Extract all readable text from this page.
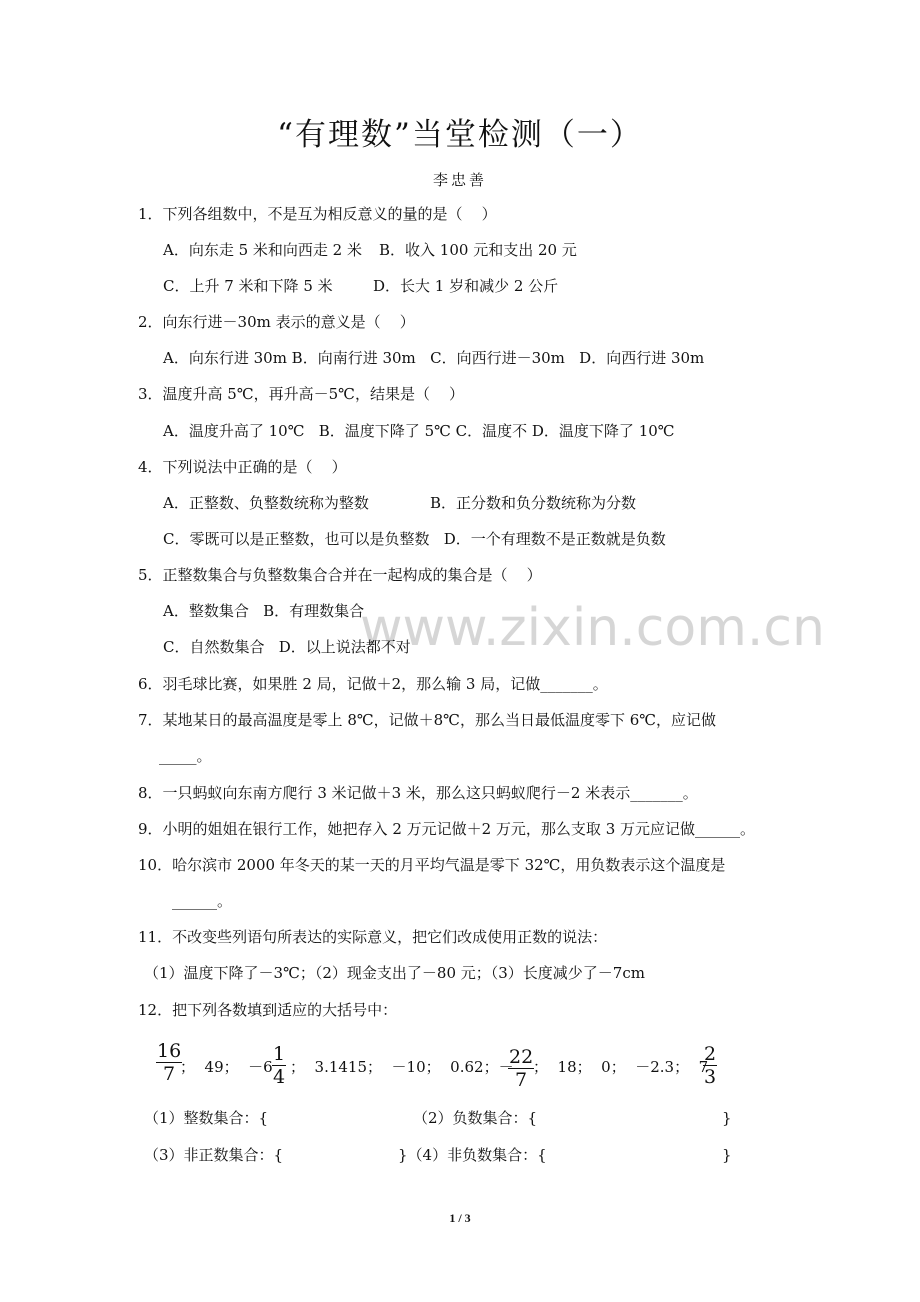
www.zixin.com.cn
“有理数”当堂检测（一）
李忠善
1．下列各组数中，不是互为相反意义的量的是（    ）
A．向东走 5 米和向西走 2 米 B．收入 100 元和支出 20 元
C．上升 7 米和下降 5 米	D．长大 1 岁和减少 2 公斤
2．向东行进－30m 表示的意义是（    ）
A．向东行进 30m B．向南行进 30m   C．向西行进－30m   D．向西行进 30m
3．温度升高 5℃，再升高－5℃，结果是（    ）
A．温度升高了 10℃   B．温度下降了 5℃ C．温度不 D．温度下降了 10℃
4．下列说法中正确的是（    ）
A．正整数、负整数统称为整数	B．正分数和负分数统称为分数
C．零既可以是正整数，也可以是负整数   D．一个有理数不是正数就是负数
5．正整数集合与负整数集合合并在一起构成的集合是（    ）
A．整数集合   B．有理数集合
C．自然数集合   D．以上说法都不对
6．羽毛球比赛，如果胜 2 局，记做＋2，那么输 3 局，记做_______。
7．某地某日的最高温度是零上 8℃，记做＋8℃，那么当日最低温度零下 6℃，应记做
_____。
8．一只蚂蚁向东南方爬行 3 米记做＋3 米，那么这只蚂蚁爬行－2 米表示_______。
9．小明的姐姐在银行工作，她把存入 2 万元记做＋2 万元，那么支取 3 万元应记做______。
10．哈尔滨市 2000 年冬天的某一天的月平均气温是零下 32℃，用负数表示这个温度是
______。
11．不改变些列语句所表达的实际意义，把它们改成使用正数的说法：
（1）温度下降了－3℃；（2）现金支出了－80 元；（3）长度减少了－7cm
12．把下列各数填到适应的大括号中：
$\frac{16}{7}$
；  49；  $-6 \frac{1}{4}$ ；  3.1415；  －10；  0.62；－
$\frac{22}{7}$
；  18；  0；  －2.3；  7
$\frac{2}{3}$
（1）整数集合：{	（2）负数集合：{	}
（3）非正数集合：{	}（4）非负数集合：{	}
1 / 3
